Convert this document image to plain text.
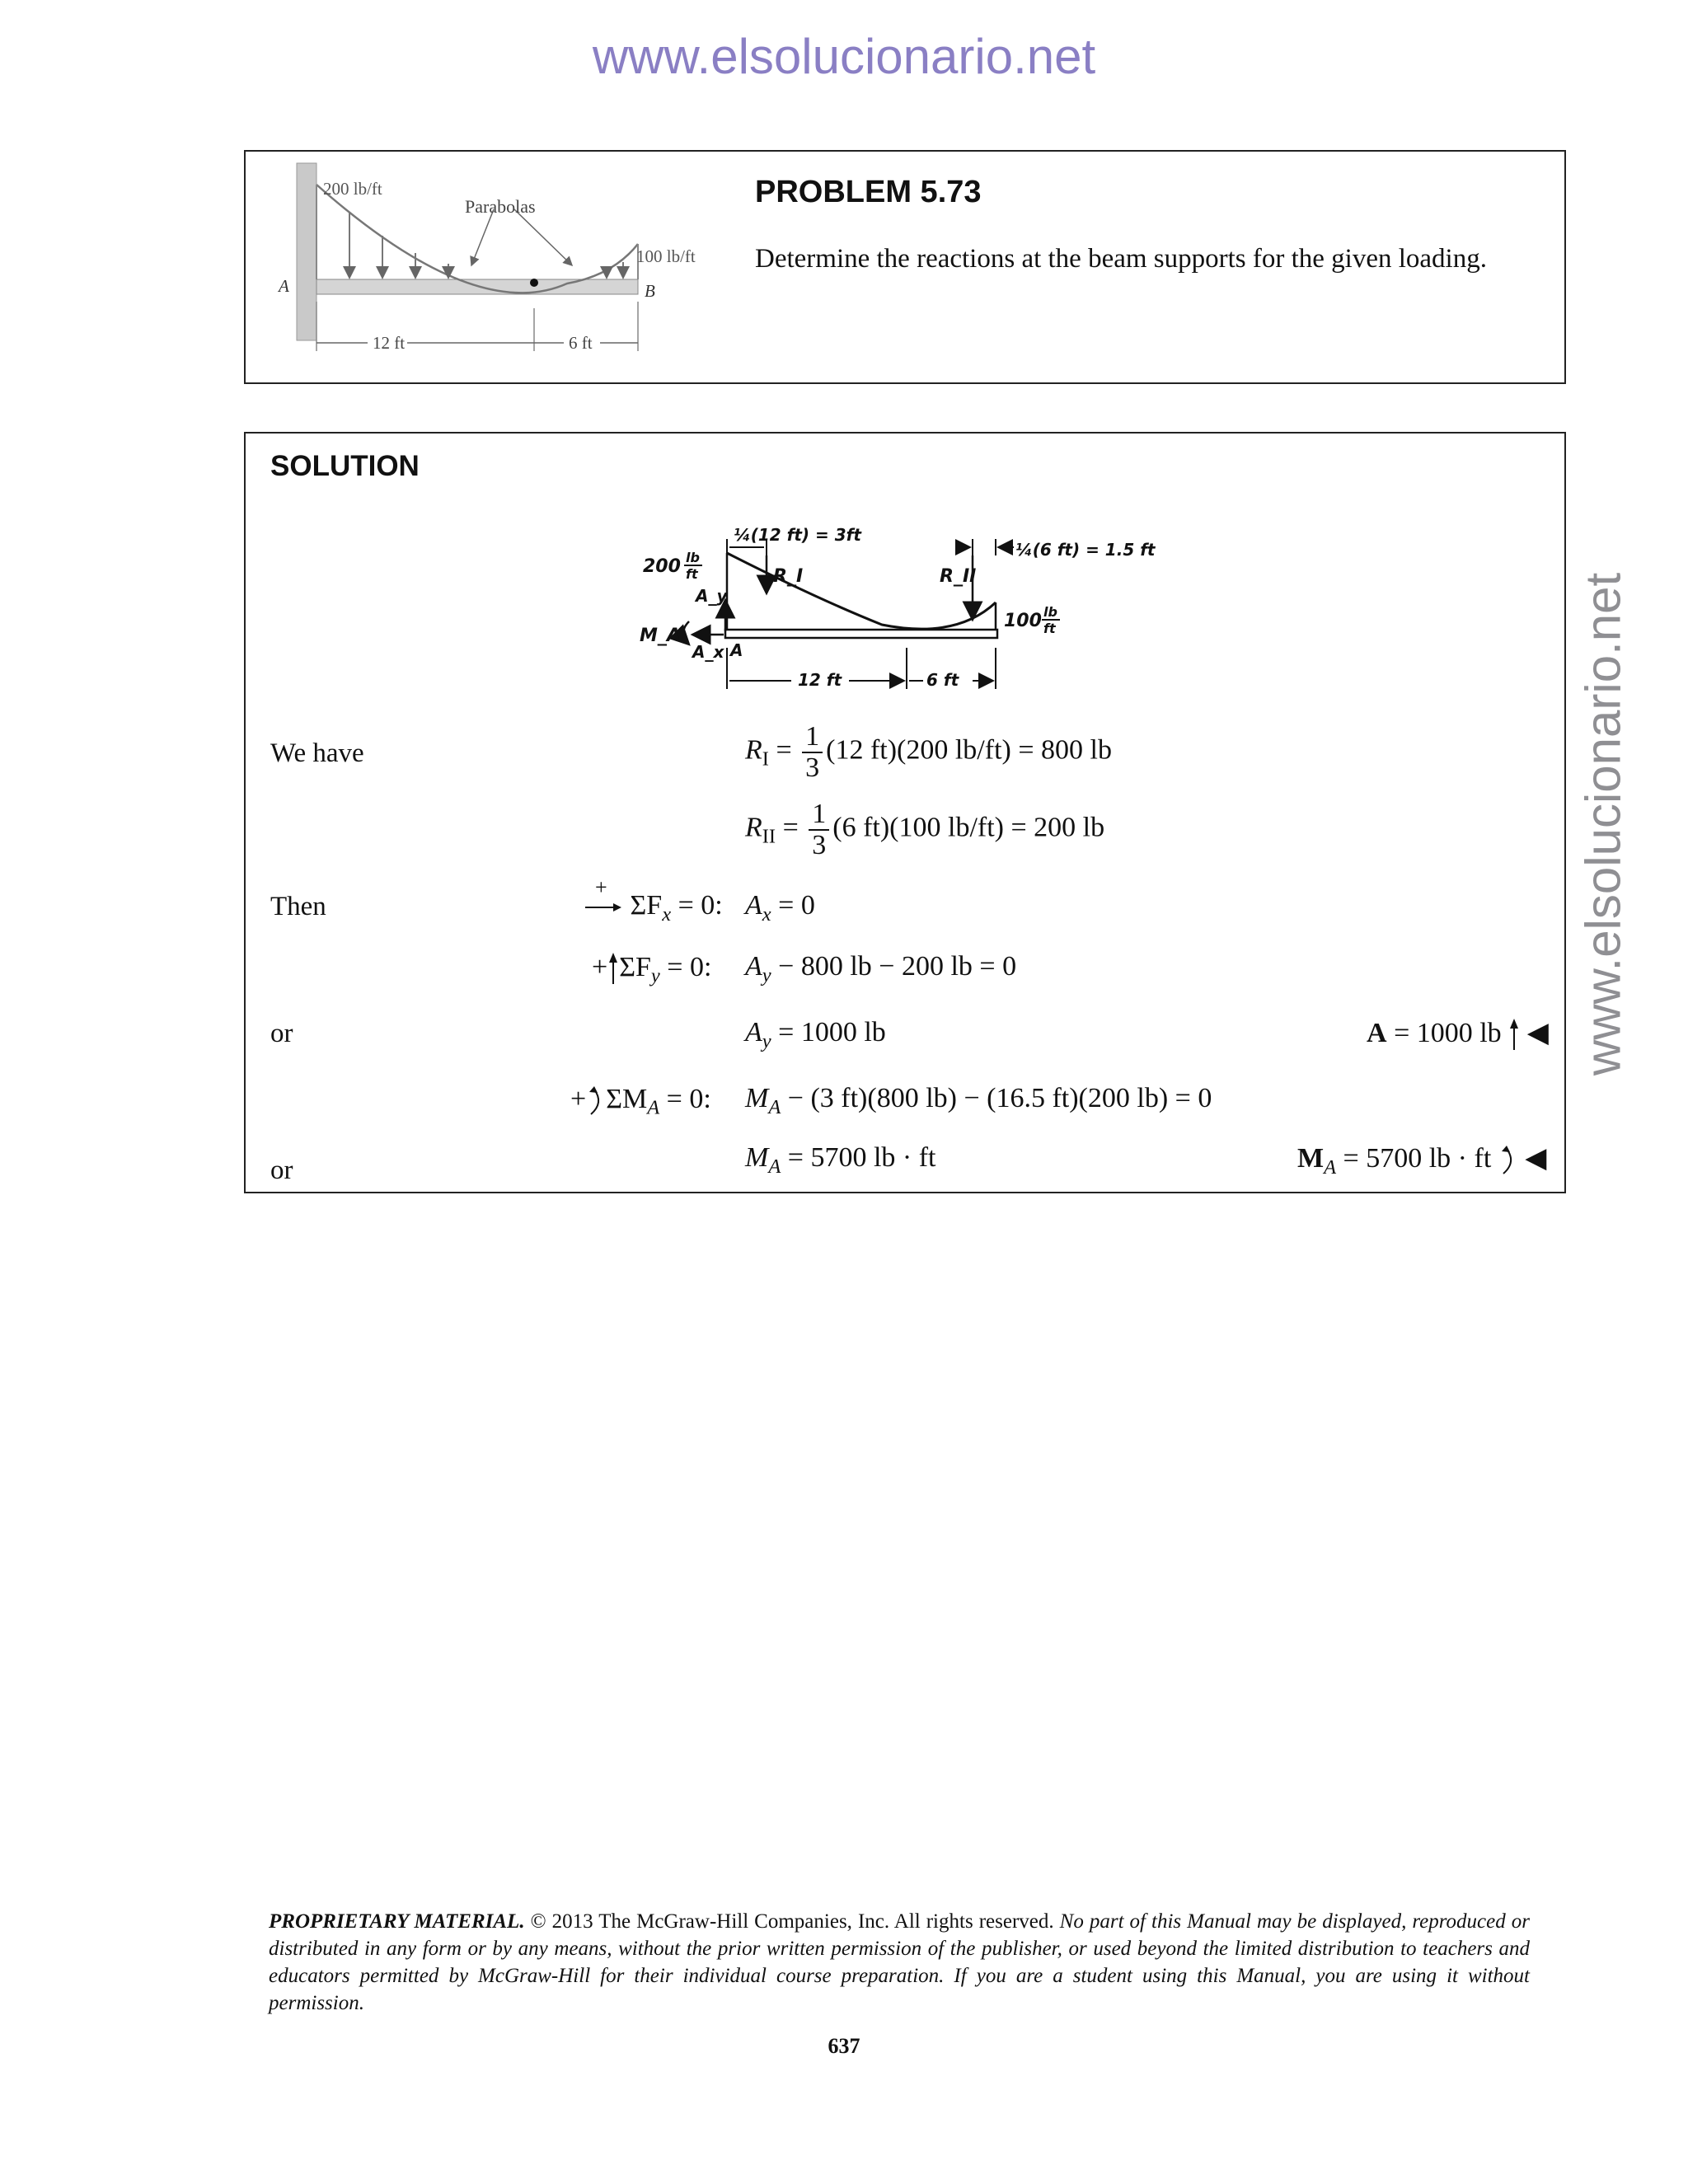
www.elsolucionario.net
www.elsolucionario.net
200 lb/ft
Parabolas
100 lb/ft
A	B
12 ft	6 ft
PROBLEM 5.73
Determine the reactions at the beam supports for the given loading.
SOLUTION
200 lb
ft
¼(12 ft) = 3ft
¼(6 ft) = 1.5 ft
R_I	R_II
100 lb
ft
A_y
A_x
M_A
A
12 ft	6 ft
We have
Then
or
or
$R_I = \frac{1}{3} (12$ ft)(200 lb/ft) = 800 lb
$R_{II} = \frac{1}{3} (6$ ft)(100 lb/ft) = 200 lb
+
$\Sigma F_x = 0$: $A_x = 0$
+ $\Sigma F_y = 0$: $A_y - 800$ lb − 200 lb = 0
$A_y = 1000$ lb	A = 1000 lb ◀
+ $\Sigma M_A = 0$: $M_A - (3$ ft)(800 lb) − (16.5 ft)(200 lb) = 0
$M_A = 5700$ lb · ft	$M_A = 5700$ lb · ft ◀
PROPRIETARY MATERIAL. © 2013 The McGraw-Hill Companies, Inc. All rights reserved. No part of this Manual may be displayed, reproduced or distributed in any form or by any means, without the prior written permission of the publisher, or used beyond the limited distribution to teachers and educators permitted by McGraw-Hill for their individual course preparation. If you are a student using this Manual, you are using it without permission.
637
